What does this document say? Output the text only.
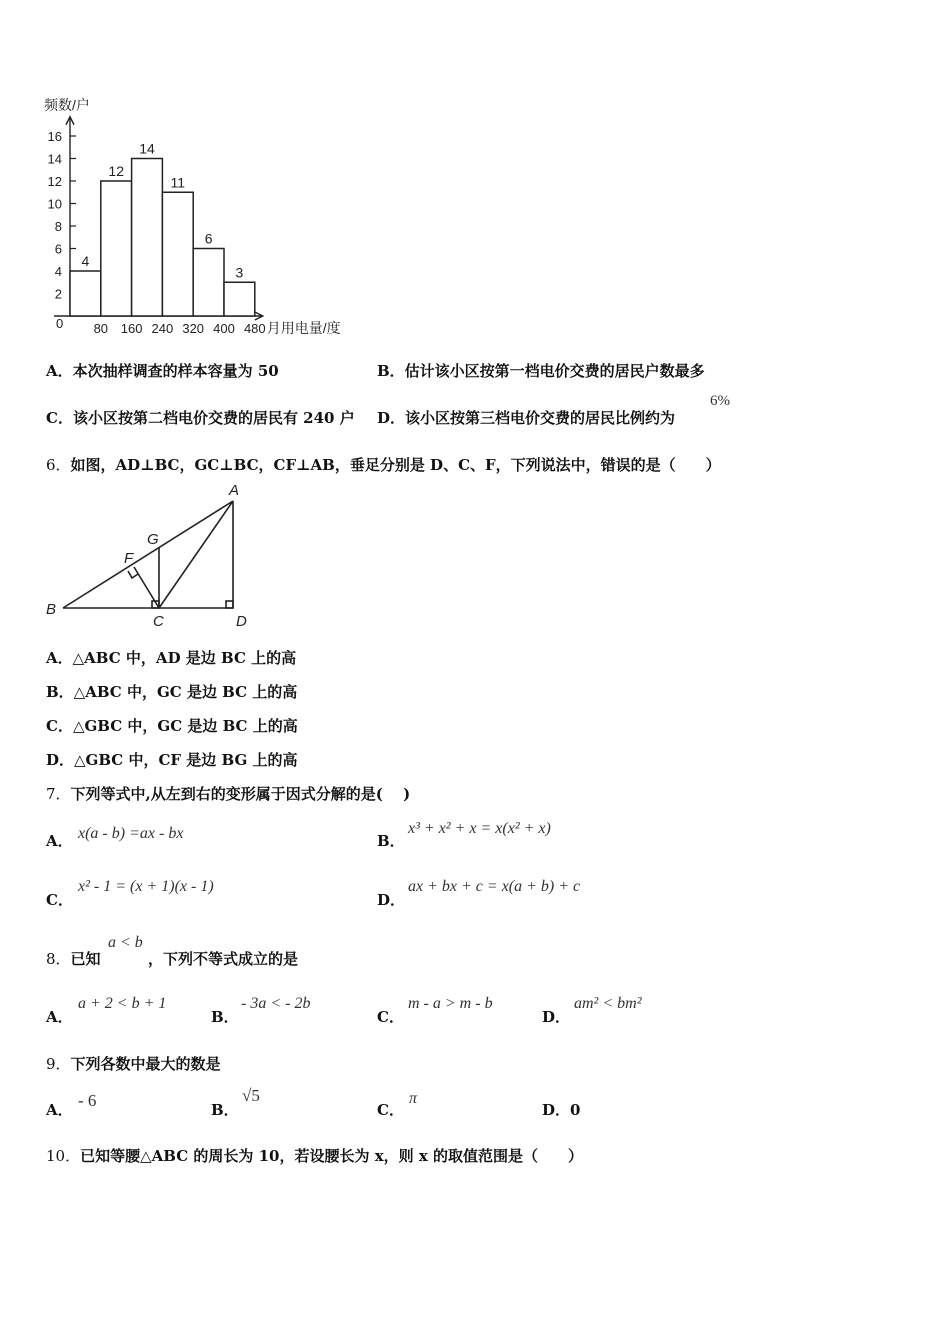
频数/户
月用电量/度
0
2
4
6
8
10
12
14
16
4
12
14
11
6
3
80 160 240 320 400 480
A．本次抽样调查的样本容量为 50	B．估计该小区按第一档电价交费的居民户数最多
C．该小区按第二档电价交费的居民有 240 户 D．该小区按第三档电价交费的居民比例约为
6%
6．如图，AD⊥BC，GC⊥BC，CF⊥AB，垂足分别是 D、C、F，下列说法中，错误的是（　　）
A
B
C	D
F
G
A．△ABC 中，AD 是边 BC 上的高
B．△ABC 中，GC 是边 BC 上的高
C．△GBC 中，GC 是边 BC 上的高
D．△GBC 中，CF 是边 BG 上的高
7．下列等式中,从左到右的变形属于因式分解的是(　 )
A． x(a - b) =ax - bx	B．
x³ + x² + x = x(x² + x)
C．
x² - 1 = (x + 1)(x - 1)
D．
ax + bx + c = x(a + b) + c
8．已知
a < b
，下列不等式成立的是
A．
a + 2 < b + 1
B．
- 3a < - 2b
C．
m - a > m - b
D．
am² < bm²
9．下列各数中最大的数是
A． - 6	B．
√5
C．
π
D．0
10．已知等腰△ABC 的周长为 10，若设腰长为 x，则 x 的取值范围是（　　）
